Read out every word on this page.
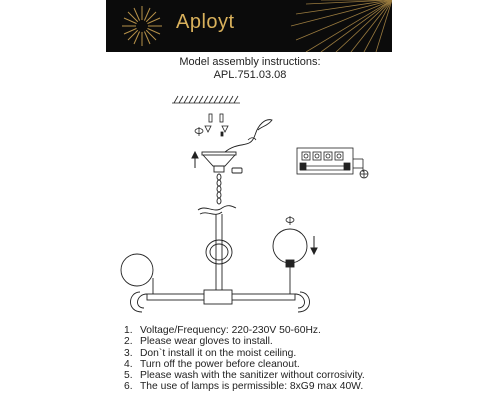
Aployt
Model assembly instructions:
APL.751.03.08
1. Voltage/Frequency: 220-230V 50-60Hz.
2. Please wear gloves to install.
3. Don`t install it on the moist ceiling.
4. Turn off the power before cleanout.
5. Please wash with the sanitizer without corrosivity.
6. The use of lamps is permissible: 8xG9 max 40W.
